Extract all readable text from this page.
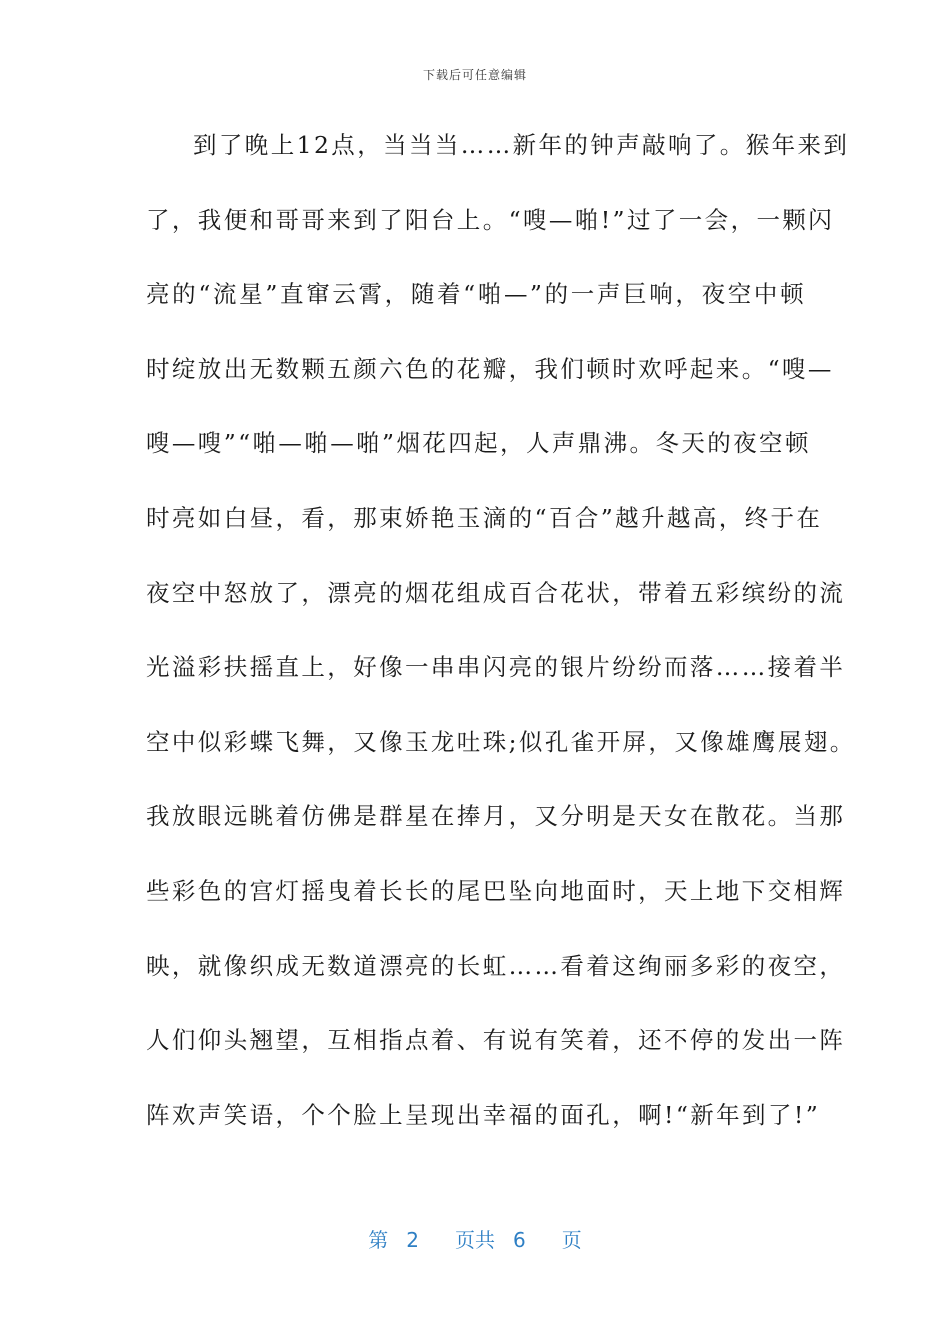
下载后可任意编辑
到了晚上12点，当当当……新年的钟声敲响了。猴年来到
了，我便和哥哥来到了阳台上。“嗖—啪!”过了一会，一颗闪
亮的“流星”直窜云霄，随着“啪—”的一声巨响，夜空中顿
时绽放出无数颗五颜六色的花瓣，我们顿时欢呼起来。“嗖—
嗖—嗖”“啪—啪—啪”烟花四起，人声鼎沸。冬天的夜空顿
时亮如白昼，看，那束娇艳玉滴的“百合”越升越高，终于在
夜空中怒放了，漂亮的烟花组成百合花状，带着五彩缤纷的流
光溢彩扶摇直上，好像一串串闪亮的银片纷纷而落……接着半
空中似彩蝶飞舞，又像玉龙吐珠;似孔雀开屏，又像雄鹰展翅。
我放眼远眺着仿佛是群星在捧月，又分明是天女在散花。当那
些彩色的宫灯摇曳着长长的尾巴坠向地面时，天上地下交相辉
映，就像织成无数道漂亮的长虹……看着这绚丽多彩的夜空，
人们仰头翘望，互相指点着、有说有笑着，还不停的发出一阵
阵欢声笑语，个个脸上呈现出幸福的面孔，啊!“新年到了!”
第 2 页共 6 页
